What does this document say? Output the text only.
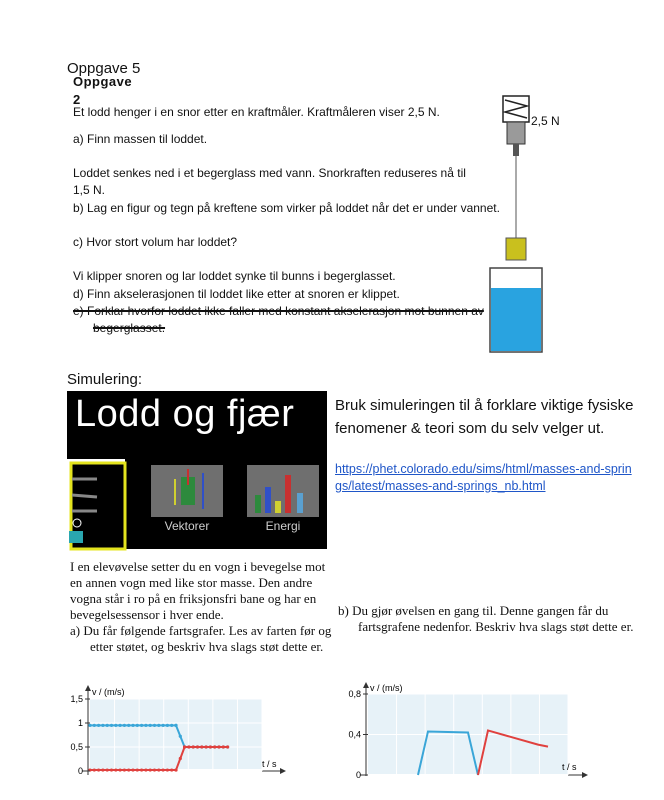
Oppgave 5
$^{Oppgave 2}$
Et lodd henger i en snor etter en kraftmåler. Kraftmåleren viser 2,5 N.
a) Finn massen til loddet.
Loddet senkes ned i et begerglass med vann. Snorkraften reduseres nå til 1,5 N.
b) Lag en figur og tegn på kreftene som virker på loddet når det er under vannet.
c) Hvor stort volum har loddet?
Vi klipper snoren og lar loddet synke til bunns i begerglasset.
d) Finn akselerasjonen til loddet like etter at snoren er klippet.
e) Forklar hvorfor loddet ikke faller med konstant akselerasjon mot bunnen av begerglasset.
2,5 N
Simulering:
Lodd og fjær
Vektorer	Energi
Bruk simuleringen til å forklare viktige fysiske fenomener & teori som du selv velger ut.
https://phet.colorado.edu/sims/html/masses-and-springs/latest/masses-and-springs_nb.html
I en elevøvelse setter du en vogn i bevegelse mot en annen vogn med like stor masse. Den andre vogna står i ro på en friksjonsfri bane og har en bevegelsessensor i hver ende.
a) Du får følgende fartsgrafer. Les av farten før og etter støtet, og beskriv hva slags støt dette er.
b) Du gjør øvelsen en gang til. Denne gangen får du fartsgrafene nedenfor. Beskriv hva slags støt dette er.
v / (m/s)
t / s
1,5
1
0,5
0
v / (m/s)
t / s
0,8
0,4
0
